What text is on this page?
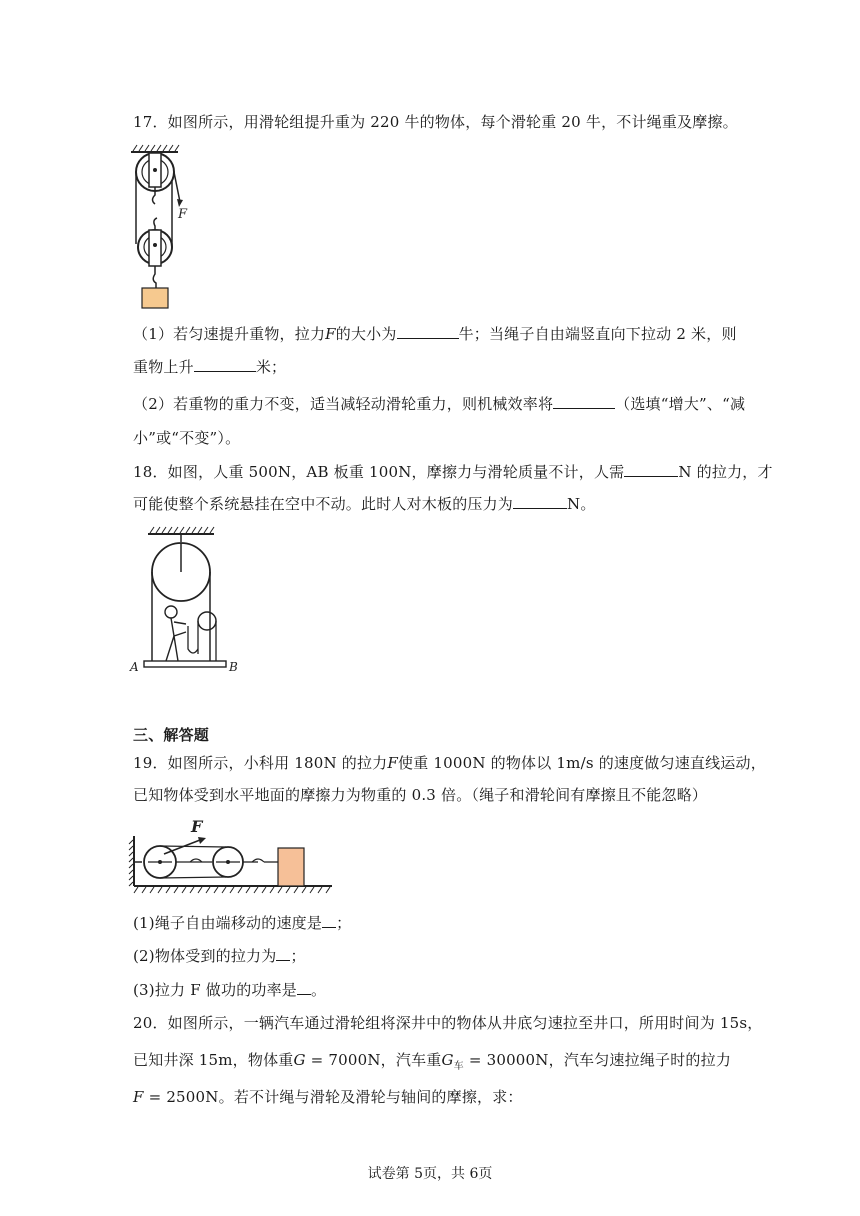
17．如图所示，用滑轮组提升重为 220 牛的物体，每个滑轮重 20 牛，不计绳重及摩擦。
F
（1）若匀速提升重物，拉力F的大小为	牛；当绳子自由端竖直向下拉动 2 米，则
重物上升	米；
（2）若重物的重力不变，适当减轻动滑轮重力，则机械效率将	（选填“增大”、“减
小”或“不变”）。
18．如图，人重 500N，AB 板重 100N，摩擦力与滑轮质量不计，人需	N 的拉力，才
可能使整个系统悬挂在空中不动。此时人对木板的压力为	N。
A	B
三、解答题
19．如图所示，小科用 180N 的拉力F使重 1000N 的物体以 1m/s 的速度做匀速直线运动，
已知物体受到水平地面的摩擦力为物重的 0.3 倍。（绳子和滑轮间有摩擦且不能忽略）
F
(1)绳子自由端移动的速度是 ；
(2)物体受到的拉力为 ；
(3)拉力 F 做功的功率是 。
20．如图所示，一辆汽车通过滑轮组将深井中的物体从井底匀速拉至井口，所用时间为 15s，
已知井深 15m，物体重G = 7000N，汽车重$G_车 = 30000N$，汽车匀速拉绳子时的拉力
F = 2500N。若不计绳与滑轮及滑轮与轴间的摩擦，求：
试卷第 5页，共 6页
